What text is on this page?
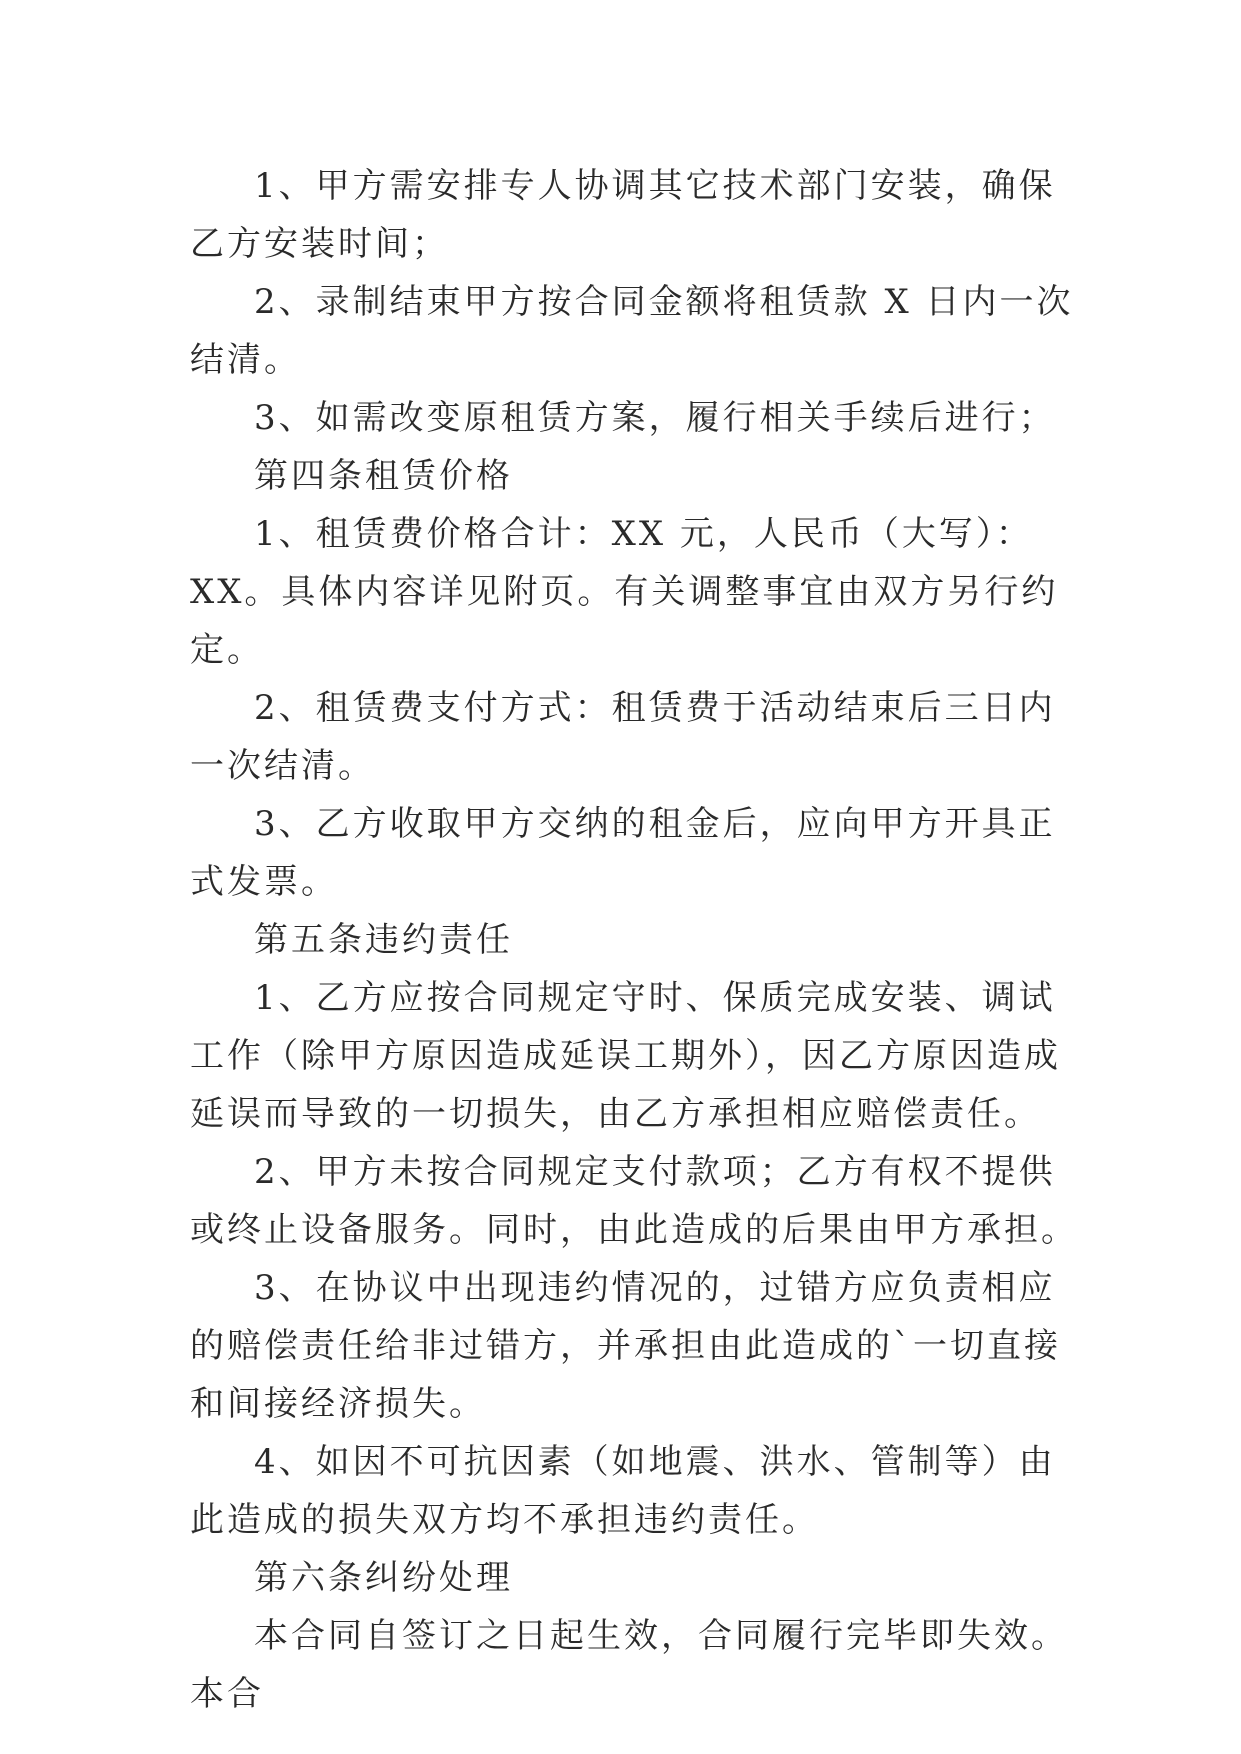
1、甲方需安排专人协调其它技术部门安装，确保乙方安装时间；

2、录制结束甲方按合同金额将租赁款 X 日内一次结清。

3、如需改变原租赁方案，履行相关手续后进行；

第四条租赁价格

1、租赁费价格合计：XX 元，人民币（大写）：XX。具体内容详见附页。有关调整事宜由双方另行约定。

2、租赁费支付方式：租赁费于活动结束后三日内一次结清。

3、乙方收取甲方交纳的租金后，应向甲方开具正式发票。

第五条违约责任

1、乙方应按合同规定守时、保质完成安装、调试工作（除甲方原因造成延误工期外），因乙方原因造成延误而导致的一切损失，由乙方承担相应赔偿责任。

2、甲方未按合同规定支付款项；乙方有权不提供或终止设备服务。同时，由此造成的后果由甲方承担。

3、在协议中出现违约情况的，过错方应负责相应的赔偿责任给非过错方，并承担由此造成的`一切直接和间接经济损失。

4、如因不可抗因素（如地震、洪水、管制等）由此造成的损失双方均不承担违约责任。

第六条纠纷处理

本合同自签订之日起生效，合同履行完毕即失效。本合
